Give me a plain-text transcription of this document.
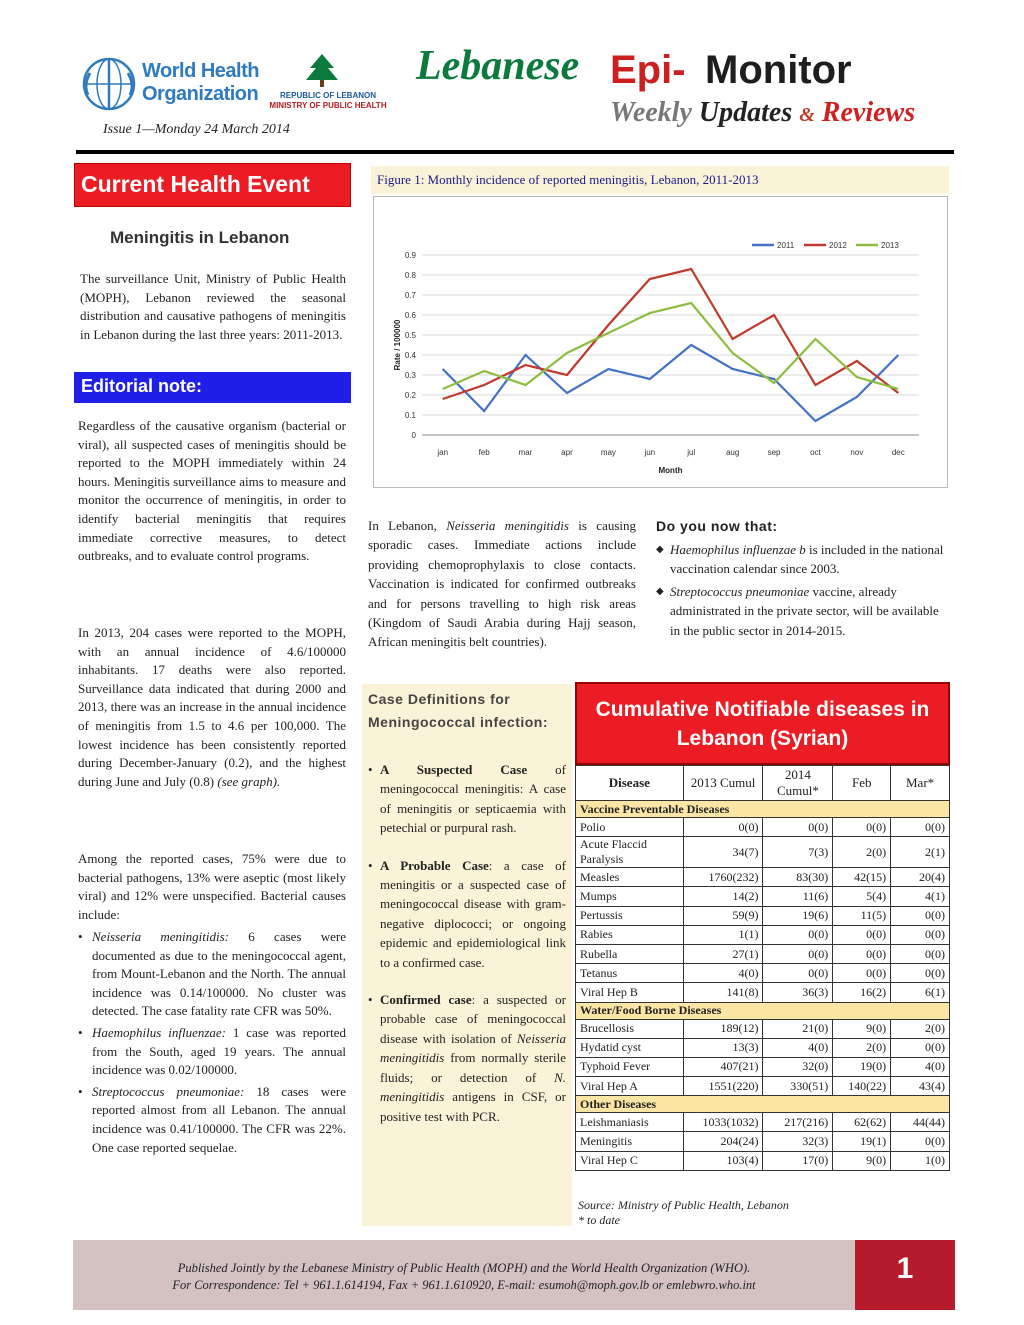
World Health
Organization	REPUBLIC OF LEBANON
MINISTRY OF PUBLIC HEALTH
Issue 1—Monday 24 March 2014
Lebanese Epi- Monitor
Weekly Updates & Reviews
Current Health Event
Meningitis in Lebanon
The surveillance Unit, Ministry of Public Health (MOPH), Lebanon reviewed the seasonal distribution and causative pathogens of meningitis in Lebanon during the last three years: 2011-2013.
Editorial note:
Regardless of the causative organism (bacterial or viral), all suspected cases of meningitis should be reported to the MOPH immediately within 24 hours. Meningitis surveillance aims to measure and monitor the occurrence of meningitis, in order to identify bacterial meningitis that requires immediate corrective measures, to detect outbreaks, and to evaluate control programs.
In 2013, 204 cases were reported to the MOPH, with an annual incidence of 4.6/100000 inhabitants. 17 deaths were also reported. Surveillance data indicated that during 2000 and 2013, there was an increase in the annual incidence of meningitis from 1.5 to 4.6 per 100,000. The lowest incidence has been consistently reported during December-January (0.2), and the highest during June and July (0.8) (see graph).
Among the reported cases, 75% were due to bacterial pathogens, 13% were aseptic (most likely viral) and 12% were unspecified. Bacterial causes include:
• Neisseria meningitidis: 6 cases were documented as due to the meningococcal agent, from Mount-Lebanon and the North. The annual incidence was 0.14/100000. No cluster was detected. The case fatality rate CFR was 50%.
• Haemophilus influenzae: 1 case was reported from the South, aged 19 years. The annual incidence was 0.02/100000.
• Streptococcus pneumoniae: 18 cases were reported almost from all Lebanon. The annual incidence was 0.41/100000. The CFR was 22%. One case reported sequelae.
Figure 1: Monthly incidence of reported meningitis, Lebanon, 2011-2013
0
0.1
0.2
0.3
0.4
0.5
0.6
0.7
0.8
0.9
jan	feb	mar	apr	may	jun	jul	aug	sep	oct	nov	dec
Month
Rate / 100000
2011	2012	2013
In Lebanon, Neisseria meningitidis is causing sporadic cases. Immediate actions include providing chemoprophylaxis to close contacts. Vaccination is indicated for confirmed outbreaks and for persons travelling to high risk areas (Kingdom of Saudi Arabia during Hajj season, African meningitis belt countries).
Do you now that:
◆ Haemophilus influenzae b is included in the national vaccination calendar since 2003.
◆ Streptococcus pneumoniae vaccine, already administrated in the private sector, will be available in the public sector in 2014-2015.
Case Definitions for Meningococcal infection:
• A Suspected Case of meningococcal meningitis: A case of meningitis or septicaemia with petechial or purpural rash.
• A Probable Case: a case of meningitis or a suspected case of meningococcal disease with gram-negative diplococci; or ongoing epidemic and epidemiological link to a confirmed case.
• Confirmed case: a suspected or probable case of meningococcal disease with isolation of Neisseria meningitidis from normally sterile fluids; or detection of N. meningitidis antigens in CSF, or positive test with PCR.
Cumulative Notifiable diseases in Lebanon (Syrian)
Disease	2013 Cumul	2014 Cumul*	Feb	Mar*
Vaccine Preventable Diseases				
Polio	0(0)	0(0)	0(0)	0(0)
Acute Flaccid Paralysis	34(7)	7(3)	2(0)	2(1)
Measles	1760(232)	83(30)	42(15)	20(4)
Mumps	14(2)	11(6)	5(4)	4(1)
Pertussis	59(9)	19(6)	11(5)	0(0)
Rabies	1(1)	0(0)	0(0)	0(0)
Rubella	27(1)	0(0)	0(0)	0(0)
Tetanus	4(0)	0(0)	0(0)	0(0)
Viral Hep B	141(8)	36(3)	16(2)	6(1)
Water/Food Borne Diseases				
Brucellosis	189(12)	21(0)	9(0)	2(0)
Hydatid cyst	13(3)	4(0)	2(0)	0(0)
Typhoid Fever	407(21)	32(0)	19(0)	4(0)
Viral Hep A	1551(220)	330(51)	140(22)	43(4)
Other Diseases				
Leishmaniasis	1033(1032)	217(216)	62(62)	44(44)
Meningitis	204(24)	32(3)	19(1)	0(0)
Viral Hep C	103(4)	17(0)	9(0)	1(0)
Source: Ministry of Public Health, Lebanon
* to date
Published Jointly by the Lebanese Ministry of Public Health (MOPH) and the World Health Organization (WHO).
For Correspondence: Tel + 961.1.614194, Fax + 961.1.610920, E-mail: esumoh@moph.gov.lb or emlebwro.who.int	1
